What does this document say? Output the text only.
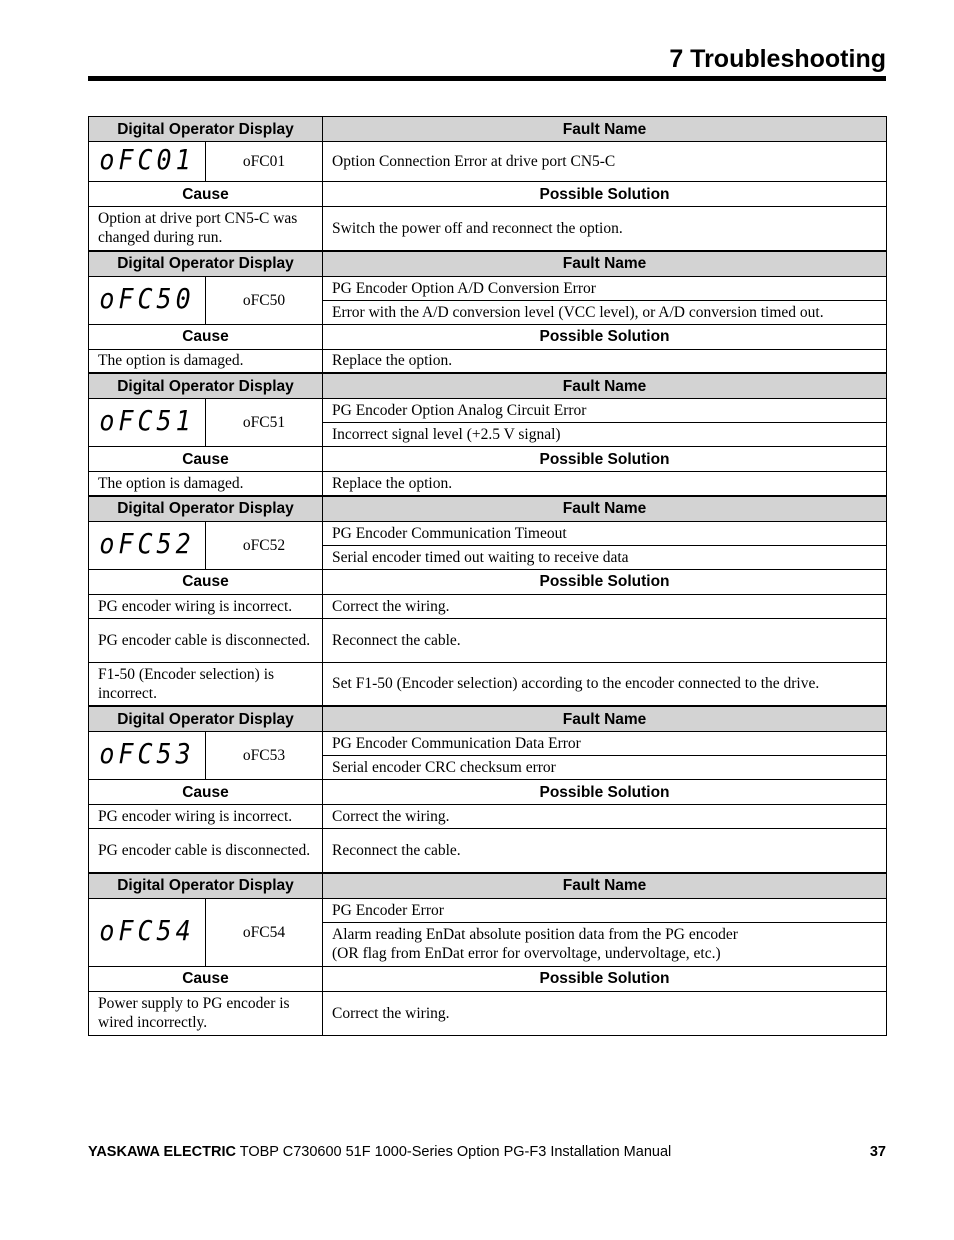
7 Troubleshooting
Digital Operator Display		Fault Name
oFC01	oFC01	Option Connection Error at drive port CN5-C
Cause		Possible Solution
Option at drive port CN5-C was changed during run.		Switch the power off and reconnect the option.
Digital Operator Display		Fault Name
oFC50	oFC50	PG Encoder Option A/D Conversion Error
		Error with the A/D conversion level (VCC level), or A/D conversion timed out.
Cause		Possible Solution
The option is damaged.		Replace the option.
Digital Operator Display		Fault Name
oFC51	oFC51	PG Encoder Option Analog Circuit Error
		Incorrect signal level (+2.5 V signal)
Cause		Possible Solution
The option is damaged.		Replace the option.
Digital Operator Display		Fault Name
oFC52	oFC52	PG Encoder Communication Timeout
		Serial encoder timed out waiting to receive data
Cause		Possible Solution
PG encoder wiring is incorrect.		Correct the wiring.
PG encoder cable is disconnected.		Reconnect the cable.
F1-50 (Encoder selection) is incorrect.		Set F1-50 (Encoder selection) according to the encoder connected to the drive.
Digital Operator Display		Fault Name
oFC53	oFC53	PG Encoder Communication Data Error
		Serial encoder CRC checksum error
Cause		Possible Solution
PG encoder wiring is incorrect.		Correct the wiring.
PG encoder cable is disconnected.		Reconnect the cable.
Digital Operator Display		Fault Name
oFC54	oFC54	PG Encoder Error
		Alarm reading EnDat absolute position data from the PG encoder
(OR flag from EnDat error for overvoltage, undervoltage, etc.)
Cause		Possible Solution
Power supply to PG encoder is wired incorrectly.		Correct the wiring.
YASKAWA ELECTRIC TOBP C730600 51F 1000-Series Option PG-F3 Installation Manual	37
